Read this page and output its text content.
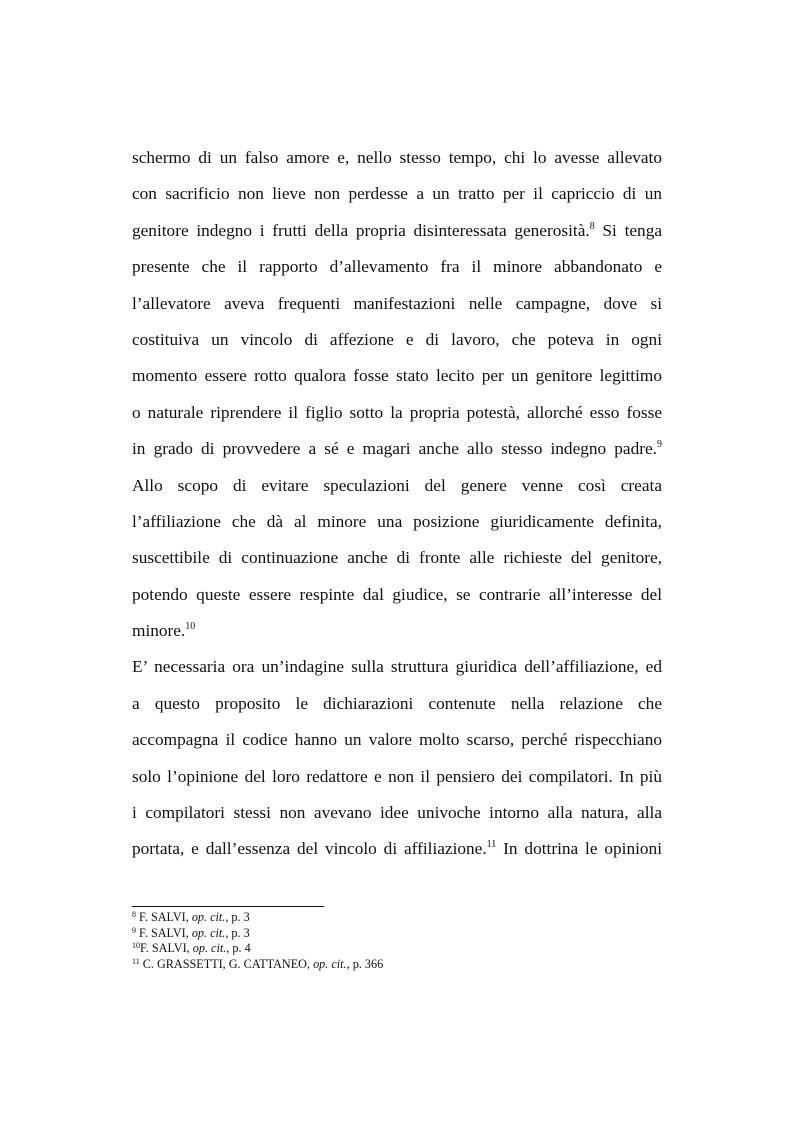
schermo di un falso amore e, nello stesso tempo, chi lo avesse allevato
con sacrificio non lieve non perdesse a un tratto per il capriccio di un
genitore indegno i frutti della propria disinteressata generosità.$^8$ Si tenga
presente che il rapporto d’allevamento fra il minore abbandonato e
l’allevatore aveva frequenti manifestazioni nelle campagne, dove si
costituiva un vincolo di affezione e di lavoro, che poteva in ogni
momento essere rotto qualora fosse stato lecito per un genitore legittimo
o naturale riprendere il figlio sotto la propria potestà, allorché esso fosse
in grado di provvedere a sé e magari anche allo stesso indegno padre.$^9$
Allo scopo di evitare speculazioni del genere venne così creata
l’affiliazione che dà al minore una posizione giuridicamente definita,
suscettibile di continuazione anche di fronte alle richieste del genitore,
potendo queste essere respinte dal giudice, se contrarie all’interesse del
minore.$^{10}$
E’ necessaria ora un’indagine sulla struttura giuridica dell’affiliazione, ed
a questo proposito le dichiarazioni contenute nella relazione che
accompagna il codice hanno un valore molto scarso, perché rispecchiano
solo l’opinione del loro redattore e non il pensiero dei compilatori. In più
i compilatori stessi non avevano idee univoche intorno alla natura, alla
portata, e dall’essenza del vincolo di affiliazione.$^{11}$ In dottrina le opinioni
$^8$ F. SALVI, op. cit., p. 3
$^9$ F. SALVI, op. cit., p. 3
$^{10}$F. SALVI, op. cit., p. 4
$^{11}$ C. GRASSETTI, G. CATTANEO, op. cit., p. 366
